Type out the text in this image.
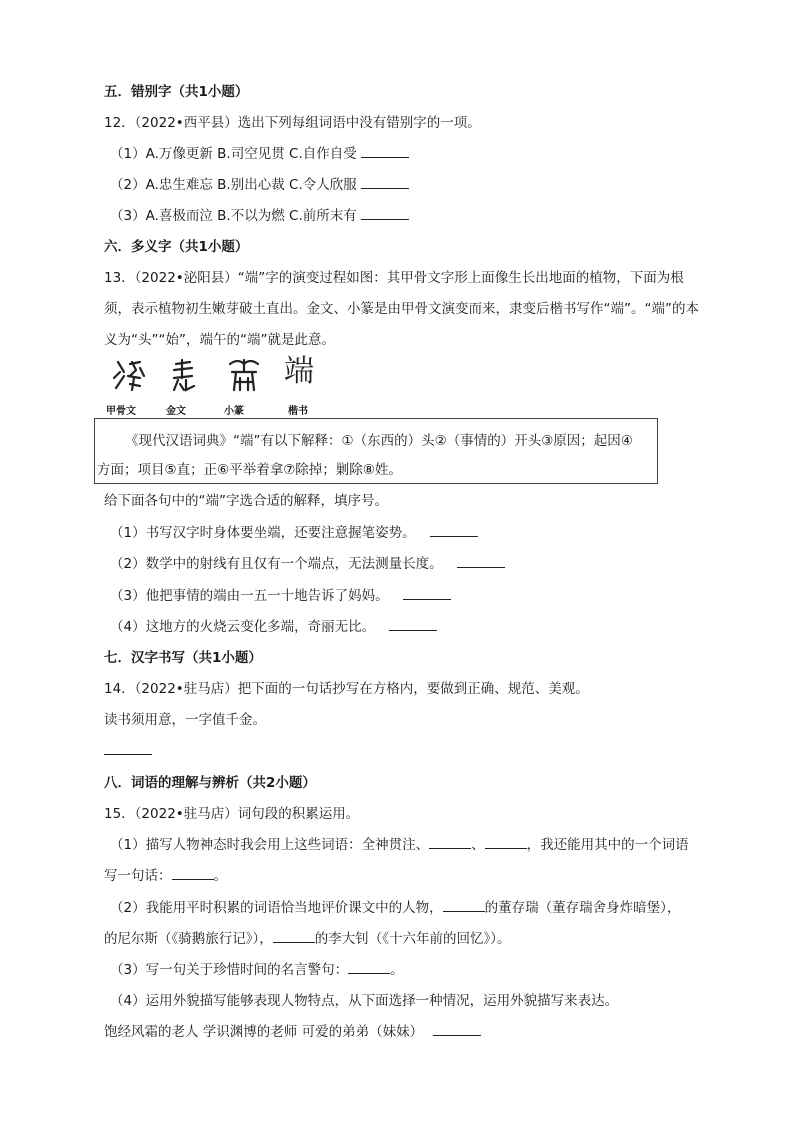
五．错别字（共1小题）
12．（2022•西平县）选出下列每组词语中没有错别字的一项。
（1）A.万像更新 B.司空见贯 C.自作自受
（2）A.忠生难忘 B.别出心裁 C.令人欣服
（3）A.喜极而泣 B.不以为燃 C.前所末有
六．多义字（共1小题）
13．（2022•泌阳县）“端”字的演变过程如图：其甲骨文字形上面像生长出地面的植物，下面为根
须，表示植物初生嫩芽破土直出。金文、小篆是由甲骨文演变而来，隶变后楷书写作“端”。“端”的本
义为“头”“始”，端午的“端”就是此意。
端
甲骨文	金文	小篆	楷书
《现代汉语词典》“端”有以下解释：①（东西的）头②（事情的）开头③原因；起因④
方面；项目⑤直；正⑥平举着拿⑦除掉；剿除⑧姓。
给下面各句中的“端”字选合适的解释，填序号。
（1）书写汉字时身体要坐端，还要注意握笔姿势。
（2）数学中的射线有且仅有一个端点，无法测量长度。
（3）他把事情的端由一五一十地告诉了妈妈。
（4）这地方的火烧云变化多端，奇丽无比。
七．汉字书写（共1小题）
14．（2022•驻马店）把下面的一句话抄写在方格内，要做到正确、规范、美观。
读书须用意，一字值千金。
八．词语的理解与辨析（共2小题）
15．（2022•驻马店）词句段的积累运用。
（1）描写人物神态时我会用上这些词语：全神贯注、	、	，我还能用其中的一个词语
写一句话：	。
（2）我能用平时积累的词语恰当地评价课文中的人物，	的董存瑞（董存瑞舍身炸暗堡），
的尼尔斯（《骑鹅旅行记》），	的李大钊（《十六年前的回忆》）。
（3）写一句关于珍惜时间的名言警句：	。
（4）运用外貌描写能够表现人物特点，从下面选择一种情况，运用外貌描写来表达。
饱经风霜的老人 学识渊博的老师 可爱的弟弟（妹妹）
